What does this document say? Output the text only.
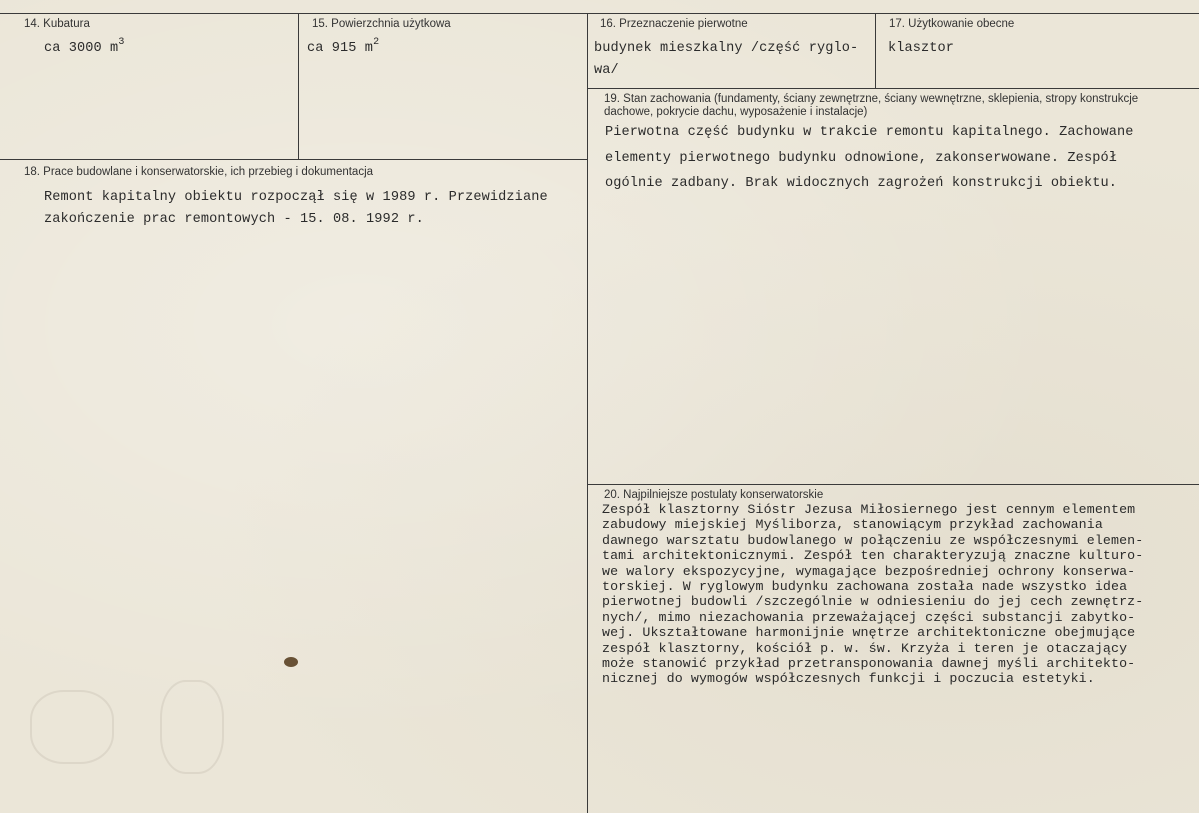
14. Kubatura
ca 3000 $m^3$
15. Powierzchnia użytkowa
ca 915 $m^2$
16. Przeznaczenie pierwotne
budynek mieszkalny /część ryglo-
wa/
17. Użytkowanie obecne
klasztor
18. Prace budowlane i konserwatorskie, ich przebieg i dokumentacja
Remont kapitalny obiektu rozpoczął się w 1989 r. Przewidziane
zakończenie prac remontowych - 15. 08. 1992 r.
19. Stan zachowania (fundamenty, ściany zewnętrzne, ściany wewnętrzne, sklepienia, stropy konstrukcje dachowe, pokrycie dachu, wyposażenie i instalacje)
Pierwotna część budynku w trakcie remontu kapitalnego. Zachowane
elementy pierwotnego budynku odnowione, zakonserwowane. Zespół
ogólnie zadbany. Brak widocznych zagrożeń konstrukcji obiektu.
20. Najpilniejsze postulaty konserwatorskie
Zespół klasztorny Sióstr Jezusa Miłosiernego jest cennym elementem
zabudowy miejskiej Myśliborza, stanowiącym przykład zachowania
dawnego warsztatu budowlanego w połączeniu ze współczesnymi elemen-
tami architektonicznymi. Zespół ten charakteryzują znaczne kulturo-
we walory ekspozycyjne, wymagające bezpośredniej ochrony konserwa-
torskiej. W ryglowym budynku zachowana została nade wszystko idea
pierwotnej budowli /szczególnie w odniesieniu do jej cech zewnętrz-
nych/, mimo niezachowania przeważającej części substancji zabytko-
wej. Ukształtowane harmonijnie wnętrze architektoniczne obejmujące
zespół klasztorny, kościół p. w. św. Krzyża i teren je otaczający
może stanowić przykład przetransponowania dawnej myśli architekto-
nicznej do wymogów współczesnych funkcji i poczucia estetyki.
